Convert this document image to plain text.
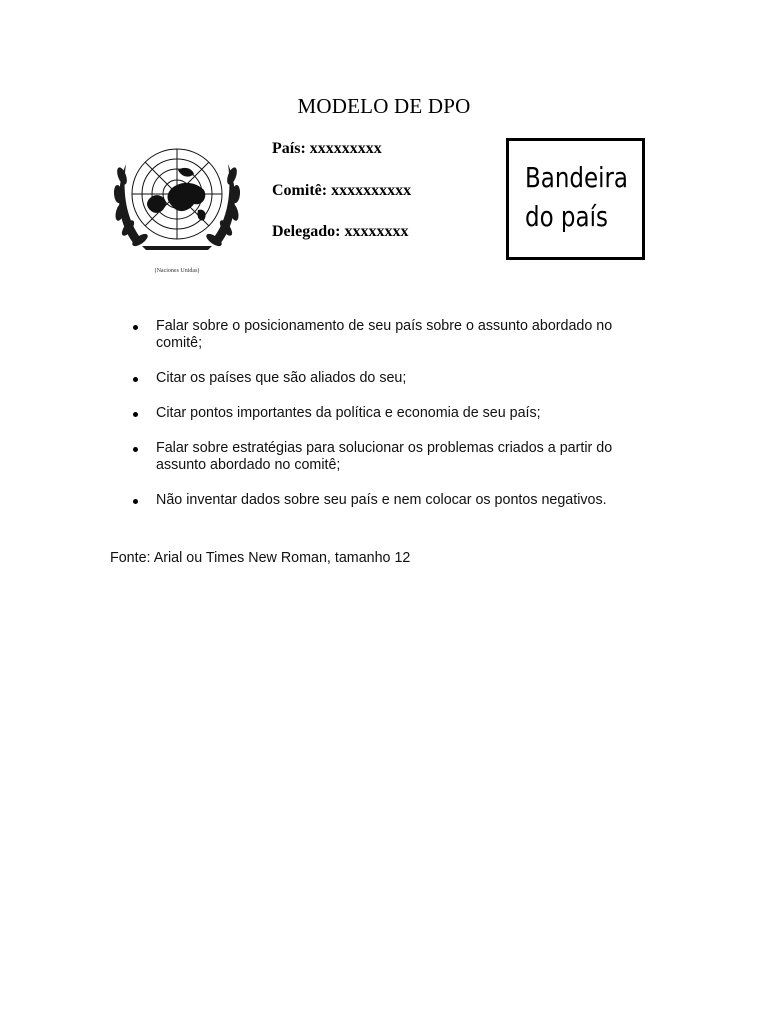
MODELO DE DPO
(Naciones Unidas)
País: xxxxxxxxx
Comitê: xxxxxxxxxx
Delegado: xxxxxxxx
Bandeira
do país
Falar sobre o posicionamento de seu país sobre o assunto abordado no comitê;
Citar os países que são aliados do seu;
Citar pontos importantes da política e economia de seu país;
Falar sobre estratégias para solucionar os problemas criados a partir do assunto abordado no comitê;
Não inventar dados sobre seu país e nem colocar os pontos negativos.
Fonte: Arial ou Times New Roman, tamanho 12
